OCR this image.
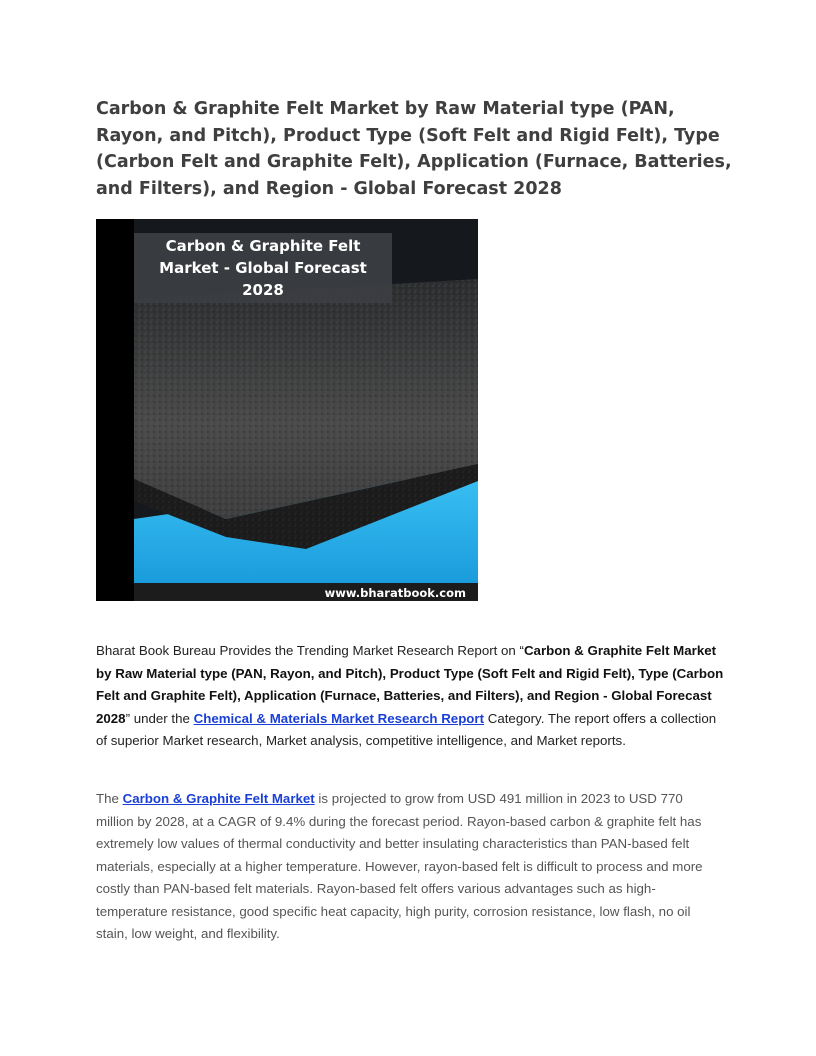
Carbon & Graphite Felt Market by Raw Material type (PAN, Rayon, and Pitch), Product Type (Soft Felt and Rigid Felt), Type (Carbon Felt and Graphite Felt), Application (Furnace, Batteries, and Filters), and Region - Global Forecast 2028
Carbon & Graphite Felt Market - Global Forecast 2028
www.bharatbook.com

Bharat Book Bureau Provides the Trending Market Research Report on “Carbon & Graphite Felt Market by Raw Material type (PAN, Rayon, and Pitch), Product Type (Soft Felt and Rigid Felt), Type (Carbon Felt and Graphite Felt), Application (Furnace, Batteries, and Filters), and Region - Global Forecast 2028” under the Chemical & Materials Market Research Report Category. The report offers a collection of superior Market research, Market analysis, competitive intelligence, and Market reports.

The Carbon & Graphite Felt Market is projected to grow from USD 491 million in 2023 to USD 770 million by 2028, at a CAGR of 9.4% during the forecast period. Rayon-based carbon & graphite felt has extremely low values of thermal conductivity and better insulating characteristics than PAN-based felt materials, especially at a higher temperature. However, rayon-based felt is difficult to process and more costly than PAN-based felt materials. Rayon-based felt offers various advantages such as high-temperature resistance, good specific heat capacity, high purity, corrosion resistance, low flash, no oil stain, low weight, and flexibility.
